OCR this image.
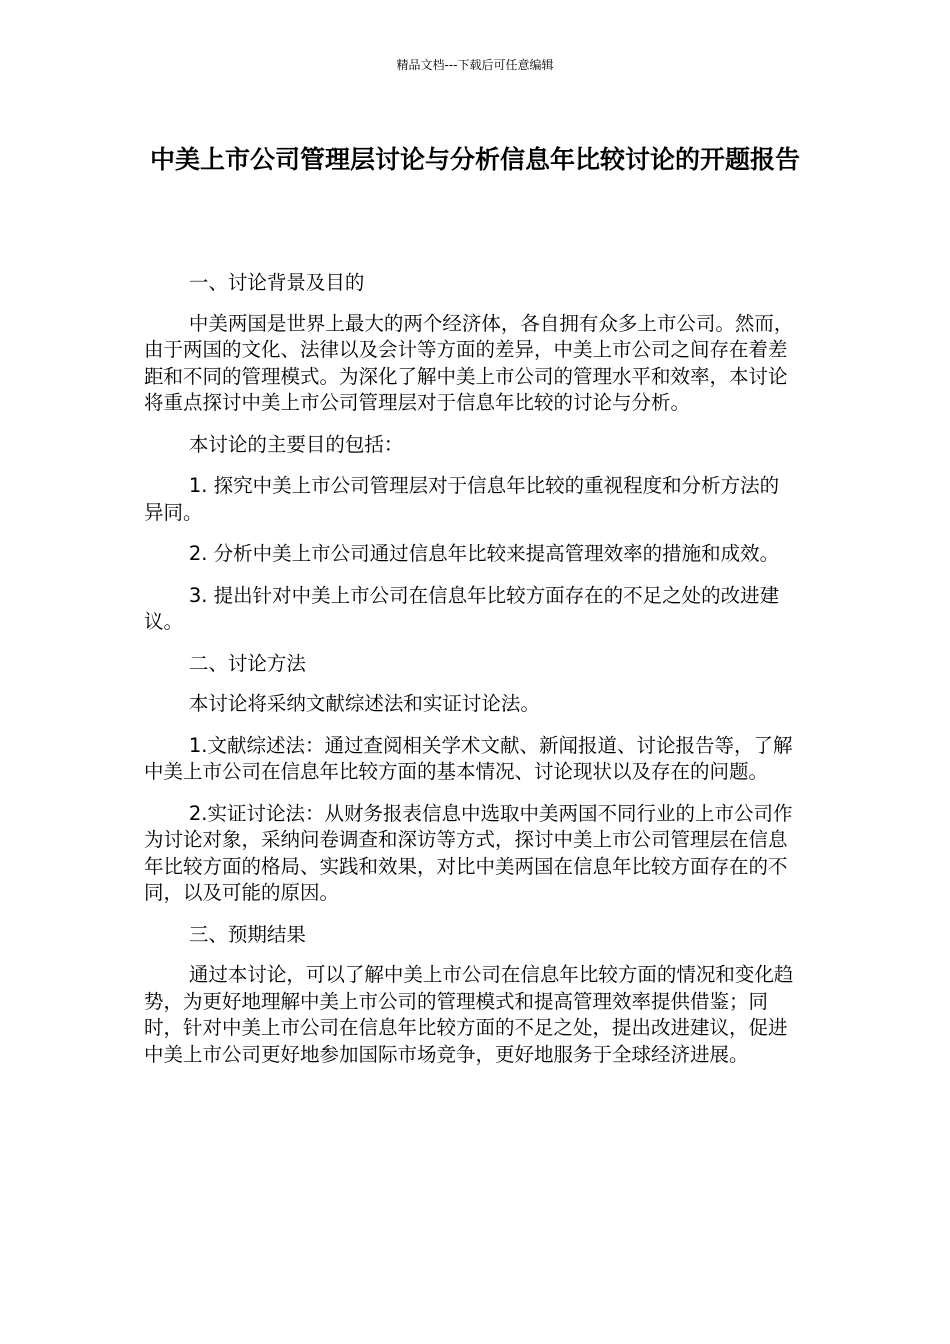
精品文档---下载后可任意编辑
中美上市公司管理层讨论与分析信息年比较讨论的开题报告

一、讨论背景及目的

中美两国是世界上最大的两个经济体，各自拥有众多上市公司。然而，由于两国的文化、法律以及会计等方面的差异，中美上市公司之间存在着差距和不同的管理模式。为深化了解中美上市公司的管理水平和效率，本讨论将重点探讨中美上市公司管理层对于信息年比较的讨论与分析。

本讨论的主要目的包括：

1. 探究中美上市公司管理层对于信息年比较的重视程度和分析方法的异同。

2. 分析中美上市公司通过信息年比较来提高管理效率的措施和成效。

3. 提出针对中美上市公司在信息年比较方面存在的不足之处的改进建议。

二、讨论方法

本讨论将采纳文献综述法和实证讨论法。

1.文献综述法：通过查阅相关学术文献、新闻报道、讨论报告等，了解中美上市公司在信息年比较方面的基本情况、讨论现状以及存在的问题。

2.实证讨论法：从财务报表信息中选取中美两国不同行业的上市公司作为讨论对象，采纳问卷调查和深访等方式，探讨中美上市公司管理层在信息年比较方面的格局、实践和效果，对比中美两国在信息年比较方面存在的不同，以及可能的原因。

三、预期结果

通过本讨论，可以了解中美上市公司在信息年比较方面的情况和变化趋势，为更好地理解中美上市公司的管理模式和提高管理效率提供借鉴；同时，针对中美上市公司在信息年比较方面的不足之处，提出改进建议，促进中美上市公司更好地参加国际市场竞争，更好地服务于全球经济进展。
